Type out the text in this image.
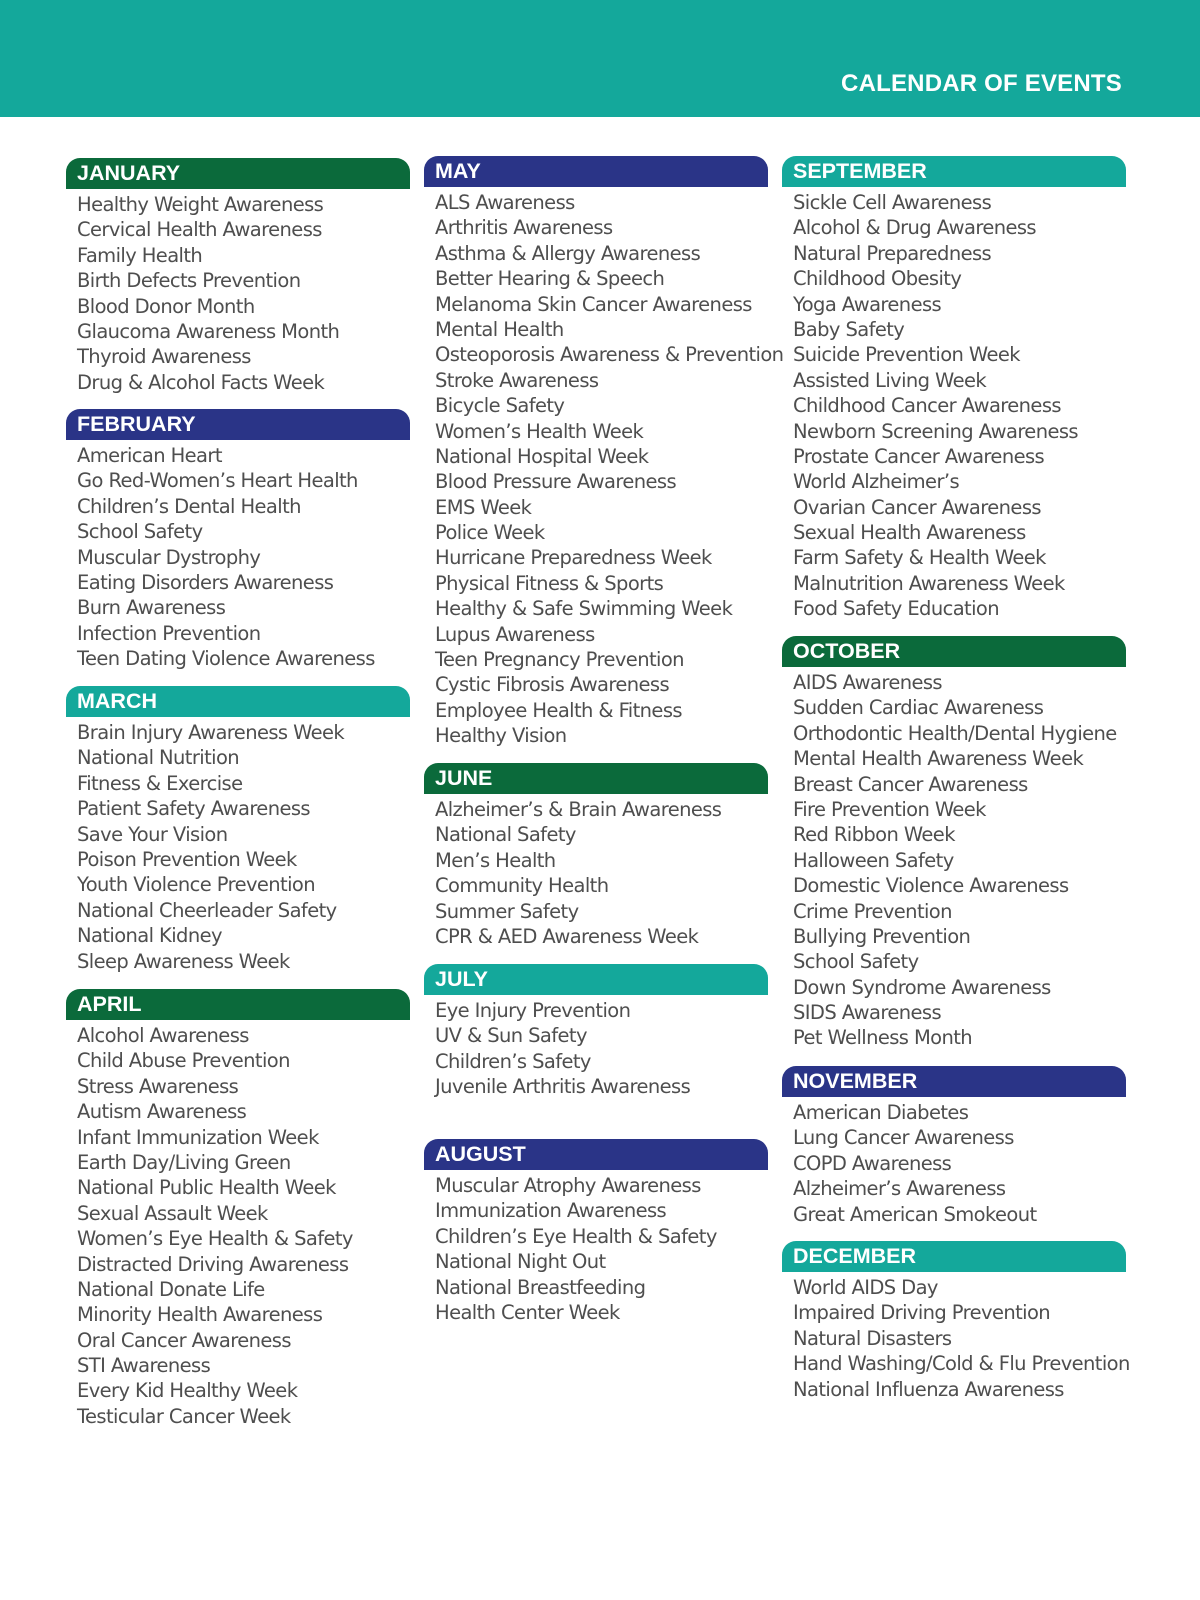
CALENDAR OF EVENTS
JANUARY
Healthy Weight Awareness
Cervical Health Awareness
Family Health
Birth Defects Prevention
Blood Donor Month
Glaucoma Awareness Month
Thyroid Awareness
Drug & Alcohol Facts Week
FEBRUARY
American Heart
Go Red-Women’s Heart Health
Children’s Dental Health
School Safety
Muscular Dystrophy
Eating Disorders Awareness
Burn Awareness
Infection Prevention
Teen Dating Violence Awareness
MARCH
Brain Injury Awareness Week
National Nutrition
Fitness & Exercise
Patient Safety Awareness
Save Your Vision
Poison Prevention Week
Youth Violence Prevention
National Cheerleader Safety
National Kidney
Sleep Awareness Week
APRIL
Alcohol Awareness
Child Abuse Prevention
Stress Awareness
Autism Awareness
Infant Immunization Week
Earth Day/Living Green
National Public Health Week
Sexual Assault Week
Women’s Eye Health & Safety
Distracted Driving Awareness
National Donate Life
Minority Health Awareness
Oral Cancer Awareness
STI Awareness
Every Kid Healthy Week
Testicular Cancer Week
MAY
ALS Awareness
Arthritis Awareness
Asthma & Allergy Awareness
Better Hearing & Speech
Melanoma Skin Cancer Awareness
Mental Health
Osteoporosis Awareness & Prevention
Stroke Awareness
Bicycle Safety
Women’s Health Week
National Hospital Week
Blood Pressure Awareness
EMS Week
Police Week
Hurricane Preparedness Week
Physical Fitness & Sports
Healthy & Safe Swimming Week
Lupus Awareness
Teen Pregnancy Prevention
Cystic Fibrosis Awareness
Employee Health & Fitness
Healthy Vision
JUNE
Alzheimer’s & Brain Awareness
National Safety
Men’s Health
Community Health
Summer Safety
CPR & AED Awareness Week
JULY
Eye Injury Prevention
UV & Sun Safety
Children’s Safety
Juvenile Arthritis Awareness
AUGUST
Muscular Atrophy Awareness
Immunization Awareness
Children’s Eye Health & Safety
National Night Out
National Breastfeeding
Health Center Week
SEPTEMBER
Sickle Cell Awareness
Alcohol & Drug Awareness
Natural Preparedness
Childhood Obesity
Yoga Awareness
Baby Safety
Suicide Prevention Week
Assisted Living Week
Childhood Cancer Awareness
Newborn Screening Awareness
Prostate Cancer Awareness
World Alzheimer’s
Ovarian Cancer Awareness
Sexual Health Awareness
Farm Safety & Health Week
Malnutrition Awareness Week
Food Safety Education
OCTOBER
AIDS Awareness
Sudden Cardiac Awareness
Orthodontic Health/Dental Hygiene
Mental Health Awareness Week
Breast Cancer Awareness
Fire Prevention Week
Red Ribbon Week
Halloween Safety
Domestic Violence Awareness
Crime Prevention
Bullying Prevention
School Safety
Down Syndrome Awareness
SIDS Awareness
Pet Wellness Month
NOVEMBER
American Diabetes
Lung Cancer Awareness
COPD Awareness
Alzheimer’s Awareness
Great American Smokeout
DECEMBER
World AIDS Day
Impaired Driving Prevention
Natural Disasters
Hand Washing/Cold & Flu Prevention
National Influenza Awareness
